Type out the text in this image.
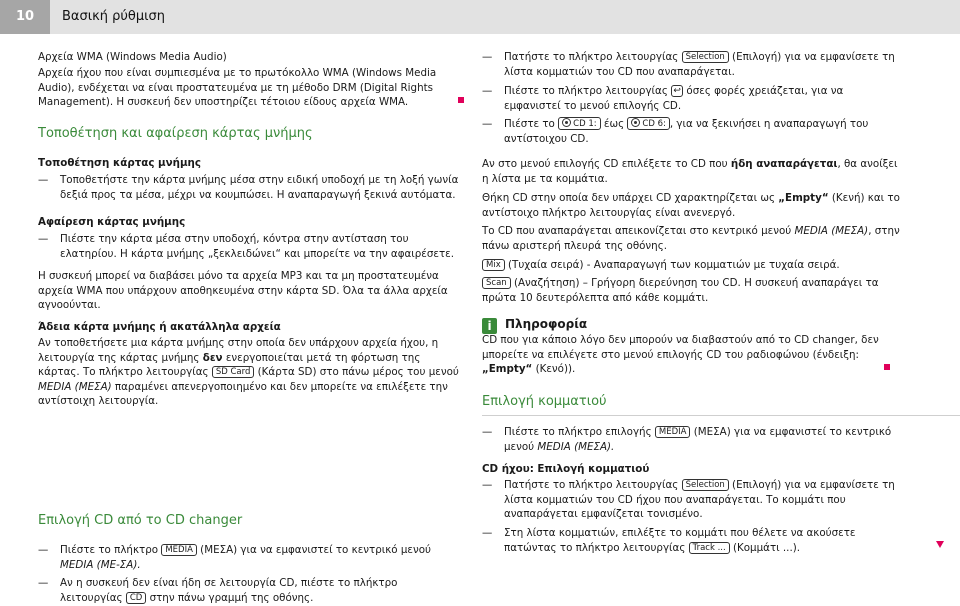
10	Βασική ρύθμιση

Αρχεία WMA (Windows Media Audio)

Αρχεία ήχου που είναι συμπιεσμένα με το πρωτόκολλο WMA (Windows Media Audio), ενδέχεται να είναι προστατευμένα με τη μέθοδο DRM (Digital Rights Management). Η συσκευή δεν υποστηρίζει τέτοιου είδους αρχεία WMA.

Τοποθέτηση και αφαίρεση κάρτας μνήμης

Τοποθέτηση κάρτας μνήμης

— Τοποθετήστε την κάρτα μνήμης μέσα στην ειδική υποδοχή με τη λοξή γωνία δεξιά προς τα μέσα, μέχρι να κουμπώσει. Η αναπαραγωγή ξεκινά αυτόματα.

Αφαίρεση κάρτας μνήμης

— Πιέστε την κάρτα μέσα στην υποδοχή, κόντρα στην αντίσταση του ελατηρίου. Η κάρτα μνήμης „ξεκλειδώνει“ και μπορείτε να την αφαιρέσετε.

Η συσκευή μπορεί να διαβάσει μόνο τα αρχεία MP3 και τα μη προστατευμένα αρχεία WMA που υπάρχουν αποθηκευμένα στην κάρτα SD. Όλα τα άλλα αρχεία αγνοούνται.

Άδεια κάρτα μνήμης ή ακατάλληλα αρχεία

Αν τοποθετήσετε μια κάρτα μνήμης στην οποία δεν υπάρχουν αρχεία ήχου, η λειτουργία της κάρτας μνήμης δεν ενεργοποιείται μετά τη φόρτωση της κάρτας. Το πλήκτρο λειτουργίας SD Card (Κάρτα SD) στο πάνω μέρος του μενού MEDIA (ΜΕΣΑ) παραμένει απενεργοποιημένο και δεν μπορείτε να επιλέξετε την αντίστοιχη λειτουργία.

Επιλογή CD από το CD changer

— Πιέστε το πλήκτρο MEDIA (ΜΕΣΑ) για να εμφανιστεί το κεντρικό μενού MEDIA (ΜΕ-ΣΑ).

— Αν η συσκευή δεν είναι ήδη σε λειτουργία CD, πιέστε το πλήκτρο λειτουργίας CD στην πάνω γραμμή της οθόνης.

— Πατήστε το πλήκτρο λειτουργίας Selection (Επιλογή) για να εμφανίσετε τη λίστα κομματιών του CD που αναπαράγεται.

— Πιέστε το πλήκτρο λειτουργίας ↩ όσες φορές χρειάζεται, για να εμφανιστεί το μενού επιλογής CD.

— Πιέστε το CD 1: έως CD 6: , για να ξεκινήσει η αναπαραγωγή του αντίστοιχου CD.

Αν στο μενού επιλογής CD επιλέξετε το CD που ήδη αναπαράγεται, θα ανοίξει η λίστα με τα κομμάτια.

Θήκη CD στην οποία δεν υπάρχει CD χαρακτηρίζεται ως „Empty“ (Κενή) και το αντίστοιχο πλήκτρο λειτουργίας είναι ανενεργό.

Το CD που αναπαράγεται απεικονίζεται στο κεντρικό μενού MEDIA (ΜΕΣΑ), στην πάνω αριστερή πλευρά της οθόνης.

Mix (Τυχαία σειρά) - Αναπαραγωγή των κομματιών με τυχαία σειρά.

Scan (Αναζήτηση) – Γρήγορη διερεύνηση του CD. Η συσκευή αναπαράγει τα πρώτα 10 δευτερόλεπτα από κάθε κομμάτι.

i Πληροφορία

CD που για κάποιο λόγο δεν μπορούν να διαβαστούν από το CD changer, δεν μπορείτε να επιλέγετε στο μενού επιλογής CD του ραδιοφώνου (ένδειξη: „Empty“ (Κενό)).

Επιλογή κομματιού

— Πιέστε το πλήκτρο επιλογής MEDIA (ΜΕΣΑ) για να εμφανιστεί το κεντρικό μενού MEDIA (ΜΕΣΑ).

CD ήχου: Επιλογή κομματιού

— Πατήστε το πλήκτρο λειτουργίας Selection (Επιλογή) για να εμφανίσετε τη λίστα κομματιών του CD ήχου που αναπαράγεται. Το κομμάτι που αναπαράγεται εμφανίζεται τονισμένο.

— Στη λίστα κομματιών, επιλέξτε το κομμάτι που θέλετε να ακούσετε πατώντας το πλήκτρο λειτουργίας Track ... (Κομμάτι ...).
